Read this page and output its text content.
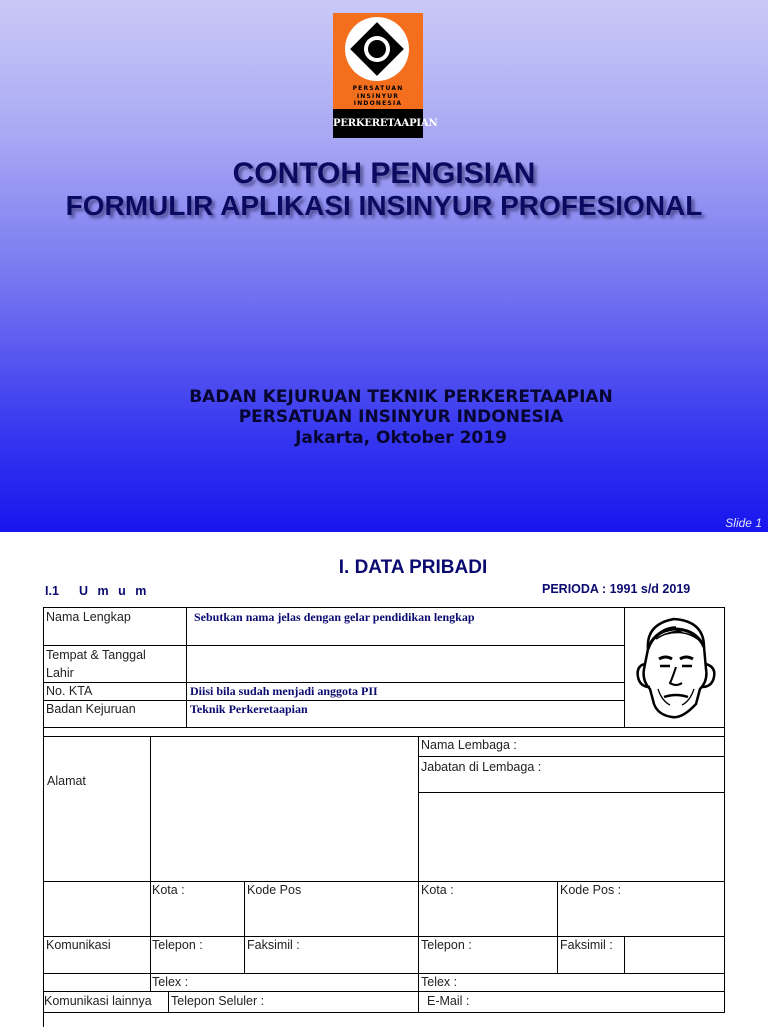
PERSATUAN
INSINYUR
INDONESIA
PERKERETAAPIAN
CONTOH PENGISIAN
FORMULIR APLIKASI INSINYUR PROFESIONAL
BADAN KEJURUAN TEKNIK PERKERETAAPIAN
PERSATUAN INSINYUR INDONESIA
Jakarta, Oktober 2019
Slide 1
I. DATA PRIBADI
I.1 U m u m	PERIODA : 1991 s/d 2019
Nama Lengkap	Sebutkan nama jelas dengan gelar pendidikan lengkap
Tempat & Tanggal
Lahir
No. KTA	Diisi bila sudah menjadi anggota PII
Badan Kejuruan	Teknik Perkeretaapian
Alamat
Nama Lembaga :
Jabatan di Lembaga :
Kota :	Kode Pos	Kota :	Kode Pos :
Komunikasi	Telepon :	Faksimil :	Telepon :	Faksimil :
Telex :	Telex :
Komunikasi lainnya Telepon Seluler :	E-Mail :
